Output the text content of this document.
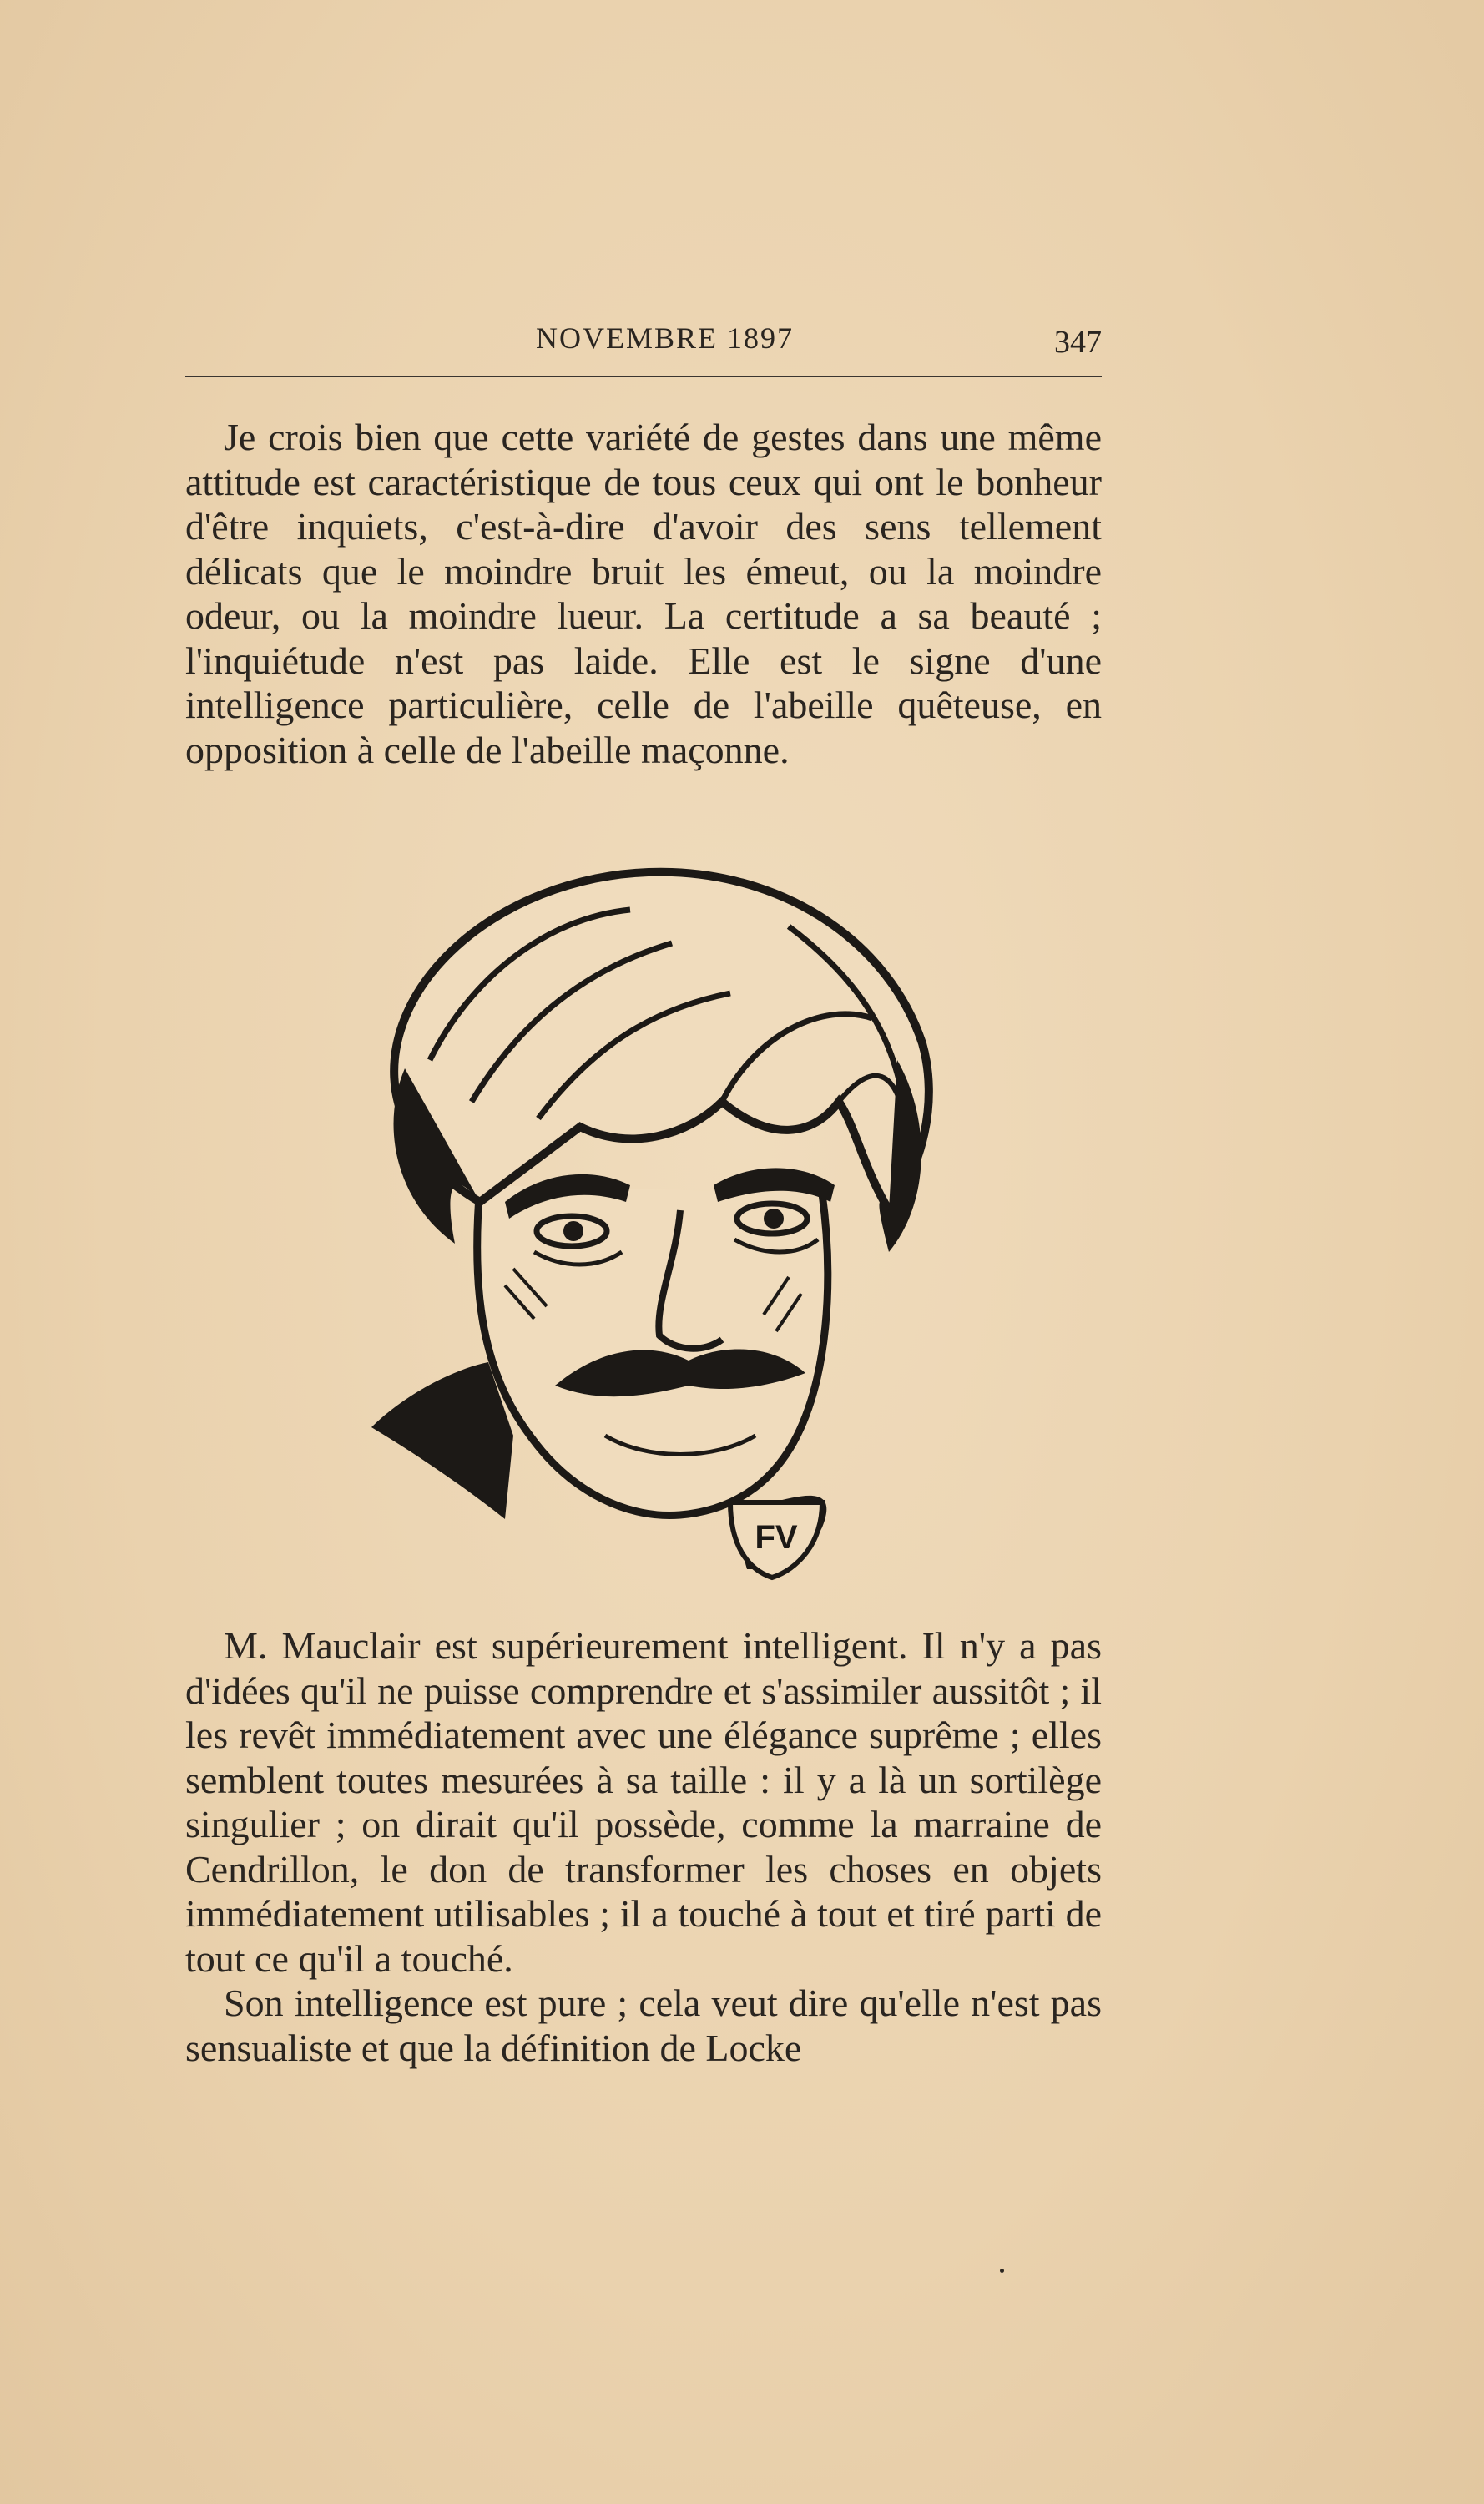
NOVEMBRE 1897	347

Je crois bien que cette variété de gestes dans une même attitude est caractéristique de tous ceux qui ont le bonheur d'être inquiets, c'est-à-dire d'avoir des sens tellement délicats que le moindre bruit les émeut, ou la moindre odeur, ou la moindre lueur. La certitude a sa beauté ; l'inquiétude n'est pas laide. Elle est le signe d'une intelligence particulière, celle de l'abeille quêteuse, en opposition à celle de l'abeille maçonne.

FV

M. Mauclair est supérieurement intelligent. Il n'y a pas d'idées qu'il ne puisse comprendre et s'assimiler aussitôt ; il les revêt immédiatement avec une élégance suprême ; elles semblent toutes mesurées à sa taille : il y a là un sortilège singulier ; on dirait qu'il possède, comme la marraine de Cendrillon, le don de transformer les choses en objets immédiatement utilisables ; il a touché à tout et tiré parti de tout ce qu'il a touché.

Son intelligence est pure ; cela veut dire qu'elle n'est pas sensualiste et que la définition de Locke
